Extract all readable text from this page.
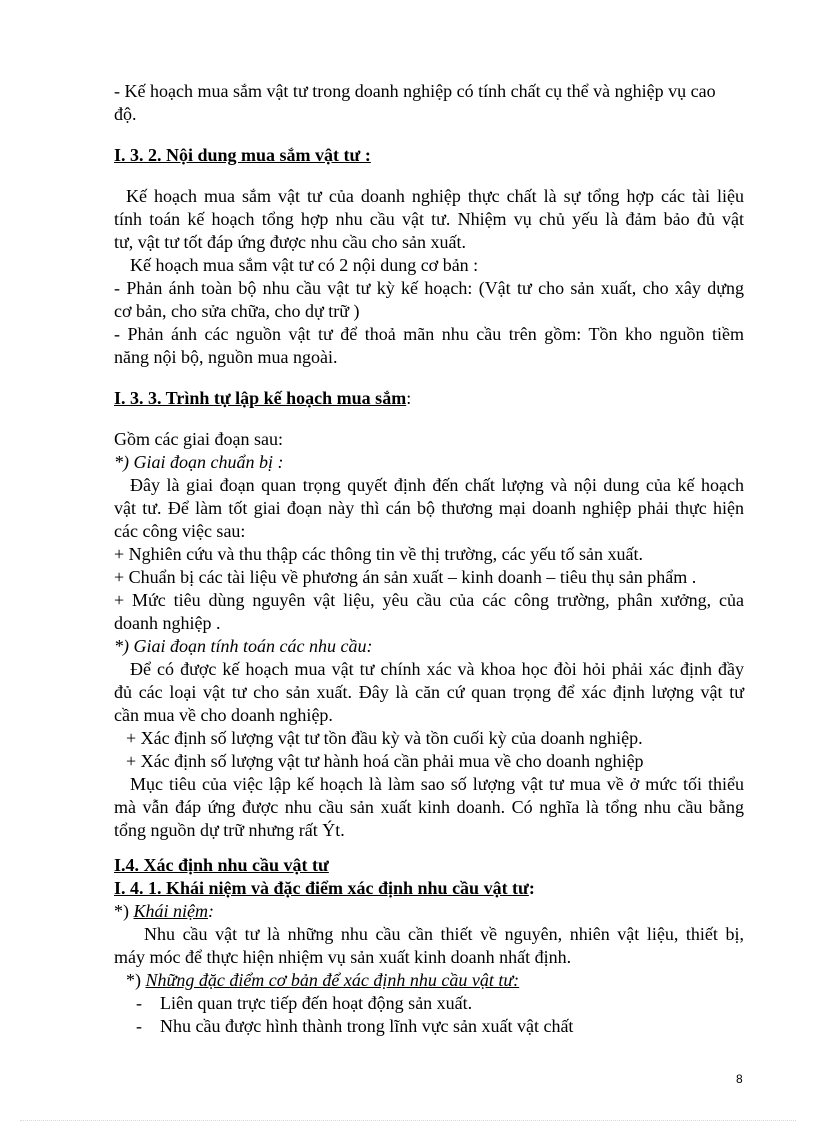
- Kế hoạch mua sắm vật tư trong doanh nghiệp có tính chất cụ thể và nghiệp vụ cao
độ.
I. 3. 2. Nội dung mua sắm vật tư :
Kế hoạch mua sắm vật tư của doanh nghiệp thực chất là sự tổng hợp các tài liệu
tính toán kế hoạch tổng hợp nhu cầu vật tư. Nhiệm vụ chủ yếu là đảm bảo đủ vật
tư, vật tư tốt đáp ứng được nhu cầu cho sản xuất.
Kế hoạch mua sắm vật tư có 2 nội dung cơ bản :
- Phản ánh toàn bộ nhu cầu vật tư kỳ kế hoạch: (Vật tư cho sản xuất, cho xây dựng
cơ bản, cho sửa chữa, cho dự trữ )
- Phản ánh các nguồn vật tư để thoả mãn nhu cầu trên gồm: Tồn kho nguồn tiềm
năng nội bộ, nguồn mua ngoài.
I. 3. 3. Trình tự lập kế hoạch mua sắm:
Gồm các giai đoạn sau:
*) Giai đoạn chuẩn bị :
Đây là giai đoạn quan trọng quyết định đến chất lượng và nội dung của kế hoạch
vật tư. Để làm tốt giai đoạn này thì cán bộ thương mại doanh nghiệp phải thực hiện
các công việc sau:
+ Nghiên cứu và thu thập các thông tin về thị trường, các yếu tố sản xuất.
+ Chuẩn bị các tài liệu về phương án sản xuất – kinh doanh – tiêu thụ sản phẩm .
+ Mức tiêu dùng nguyên vật liệu, yêu cầu của các công trường, phân xưởng, của
doanh nghiệp .
*) Giai đoạn tính toán các nhu cầu:
Để có được kế hoạch mua vật tư chính xác và khoa học đòi hỏi phải xác định đầy
đủ các loại vật tư cho sản xuất. Đây là căn cứ quan trọng để xác định lượng vật tư
cần mua về cho doanh nghiệp.
+ Xác định số lượng vật tư tồn đầu kỳ và tồn cuối kỳ của doanh nghiệp.
+ Xác định số lượng vật tư hành hoá cần phải mua về cho doanh nghiệp
Mục tiêu của việc lập kế hoạch là làm sao số lượng vật tư mua về ở mức tối thiểu
mà vẫn đáp ứng được nhu cầu sản xuất kinh doanh. Có nghĩa là tổng nhu cầu bằng
tổng nguồn dự trữ nhưng rất Ýt.
I.4. Xác định nhu cầu vật tư
I. 4. 1. Khái niệm và đặc điểm xác định nhu cầu vật tư:
*) Khái niệm:
Nhu cầu vật tư là những nhu cầu cần thiết về nguyên, nhiên vật liệu, thiết bị,
máy móc để thực hiện nhiệm vụ sản xuất kinh doanh nhất định.
*) Những đặc điểm cơ bản để xác định nhu cầu vật tư:
-	Liên quan trực tiếp đến hoạt động sản xuất.
-	Nhu cầu được hình thành trong lĩnh vực sản xuất vật chất
8
